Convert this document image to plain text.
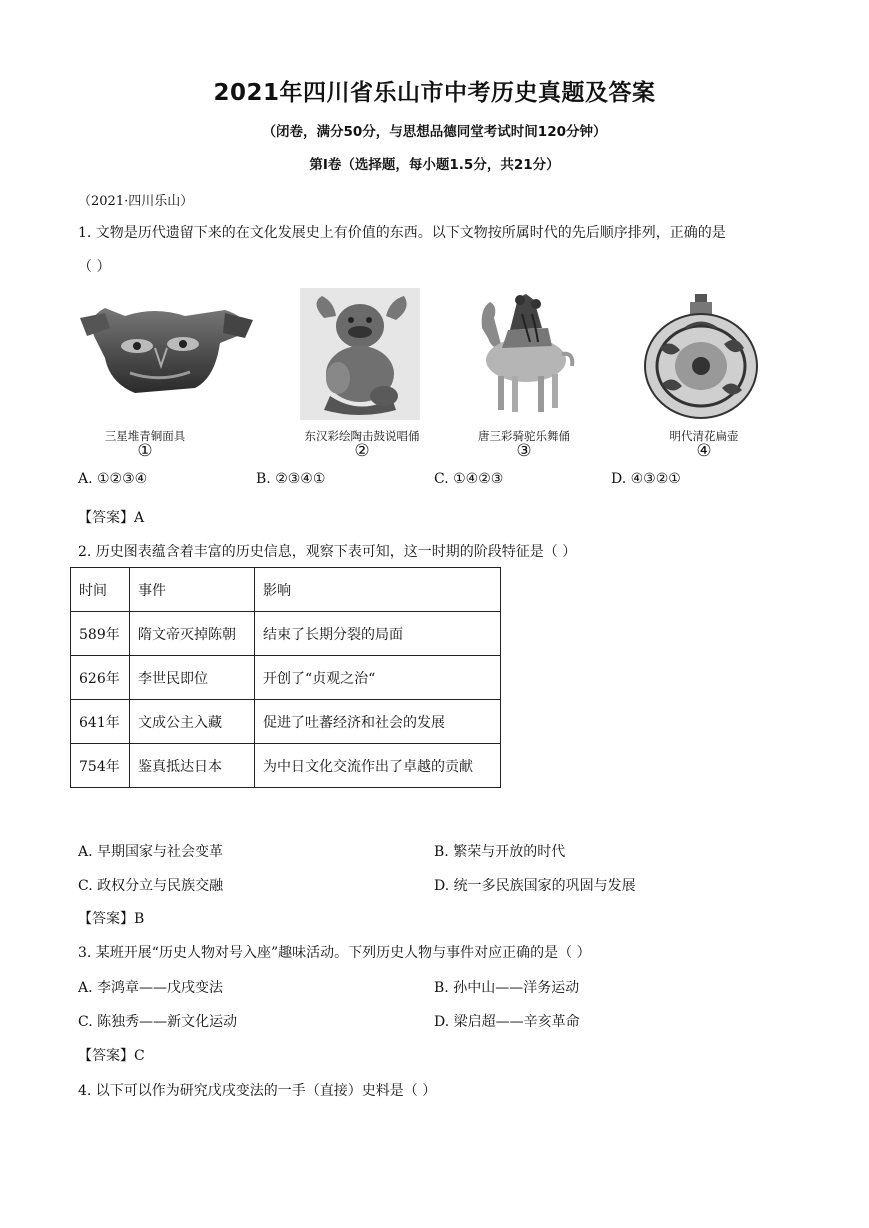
2021年四川省乐山市中考历史真题及答案
（闭卷，满分50分，与思想品德同堂考试时间120分钟）
第Ⅰ卷（选择题，每小题1.5分，共21分）
（2021·四川乐山）
1. 文物是历代遗留下来的在文化发展史上有价值的东西。以下文物按所属时代的先后顺序排列，正确的是
（ ）
三星堆青铜面具
①
东汉彩绘陶击鼓说唱俑
②
唐三彩骑驼乐舞俑
③
明代清花扁壶
④
A. ①②③④	B. ②③④①	C. ①④②③	D. ④③②①
【答案】A
2. 历史图表蕴含着丰富的历史信息，观察下表可知，这一时期的阶段特征是（ ）
时间	事件	影响
589年	隋文帝灭掉陈朝	结束了长期分裂的局面
626年	李世民即位	开创了“贞观之治“
641年	文成公主入藏	促进了吐蕃经济和社会的发展
754年	鉴真抵达日本	为中日文化交流作出了卓越的贡献
A. 早期国家与社会变革	B. 繁荣与开放的时代
C. 政权分立与民族交融	D. 统一多民族国家的巩固与发展
【答案】B
3. 某班开展“历史人物对号入座”趣味活动。下列历史人物与事件对应正确的是（ ）
A. 李鸿章——戊戌变法	B. 孙中山——洋务运动
C. 陈独秀——新文化运动	D. 梁启超——辛亥革命
【答案】C
4. 以下可以作为研究戊戌变法的一手（直接）史料是（ ）
